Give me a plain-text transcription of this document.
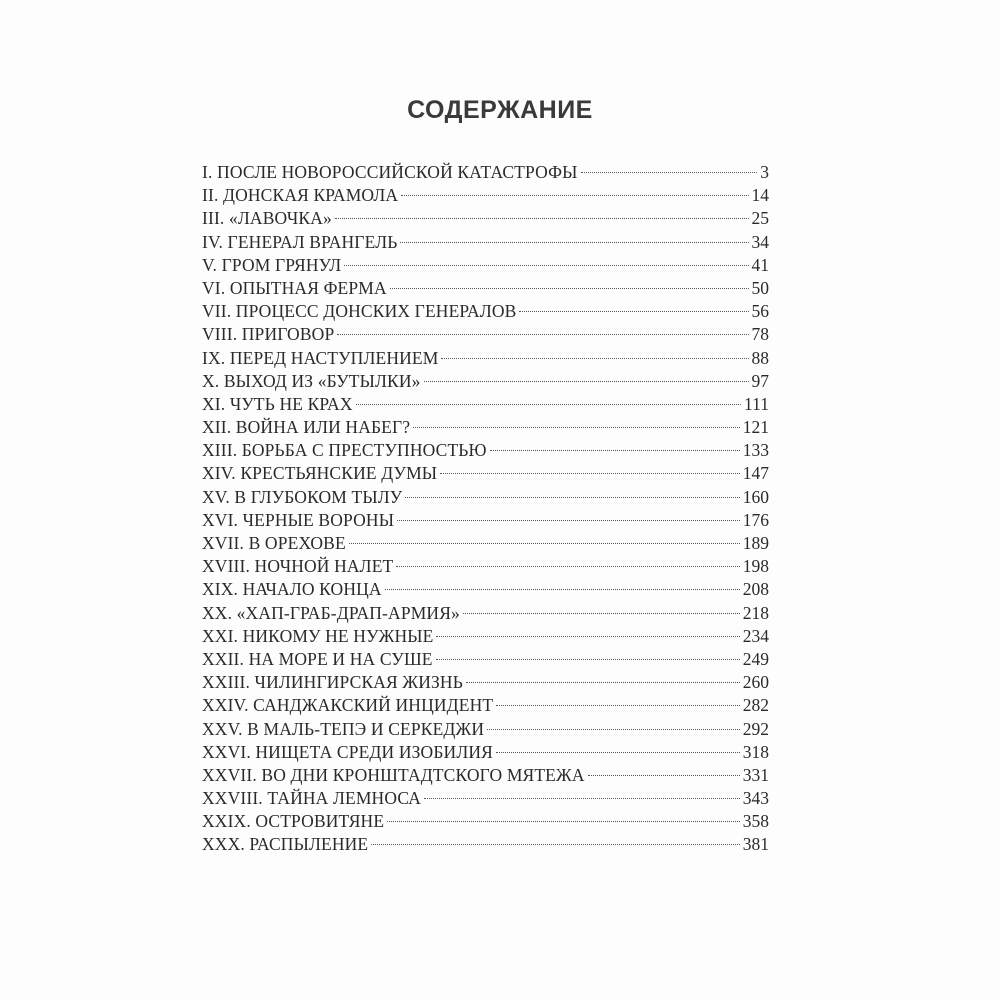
СОДЕРЖАНИЕ
I. ПОСЛЕ НОВОРОССИЙСКОЙ КАТАСТРОФЫ	3
II. ДОНСКАЯ КРАМОЛА	14
III. «ЛАВОЧКА»	25
IV. ГЕНЕРАЛ ВРАНГЕЛЬ	34
V. ГРОМ ГРЯНУЛ	41
VI. ОПЫТНАЯ ФЕРМА	50
VII. ПРОЦЕСС ДОНСКИХ ГЕНЕРАЛОВ	56
VIII. ПРИГОВОР	78
IX. ПЕРЕД НАСТУПЛЕНИЕМ	88
X. ВЫХОД ИЗ «БУТЫЛКИ»	97
XI. ЧУТЬ НЕ КРАХ	111
XII. ВОЙНА ИЛИ НАБЕГ?	121
XIII. БОРЬБА С ПРЕСТУПНОСТЬЮ	133
XIV. КРЕСТЬЯНСКИЕ ДУМЫ	147
XV. В ГЛУБОКОМ ТЫЛУ	160
XVI. ЧЕРНЫЕ ВОРОНЫ	176
XVII. В ОРЕХОВЕ	189
XVIII. НОЧНОЙ НАЛЕТ	198
XIX. НАЧАЛО КОНЦА	208
XX. «ХАП-ГРАБ-ДРАП-АРМИЯ»	218
XXI. НИКОМУ НЕ НУЖНЫЕ	234
XXII. НА МОРЕ И НА СУШЕ	249
XXIII. ЧИЛИНГИРСКАЯ ЖИЗНЬ	260
XXIV. САНДЖАКСКИЙ ИНЦИДЕНТ	282
XXV. В МАЛЬ-ТЕПЭ И СЕРКЕДЖИ	292
XXVI. НИЩЕТА СРЕДИ ИЗОБИЛИЯ	318
XXVII. ВО ДНИ КРОНШТАДТСКОГО МЯТЕЖА	331
XXVIII. ТАЙНА ЛЕМНОСА	343
XXIX. ОСТРОВИТЯНЕ	358
XXX. РАСПЫЛЕНИЕ	381
